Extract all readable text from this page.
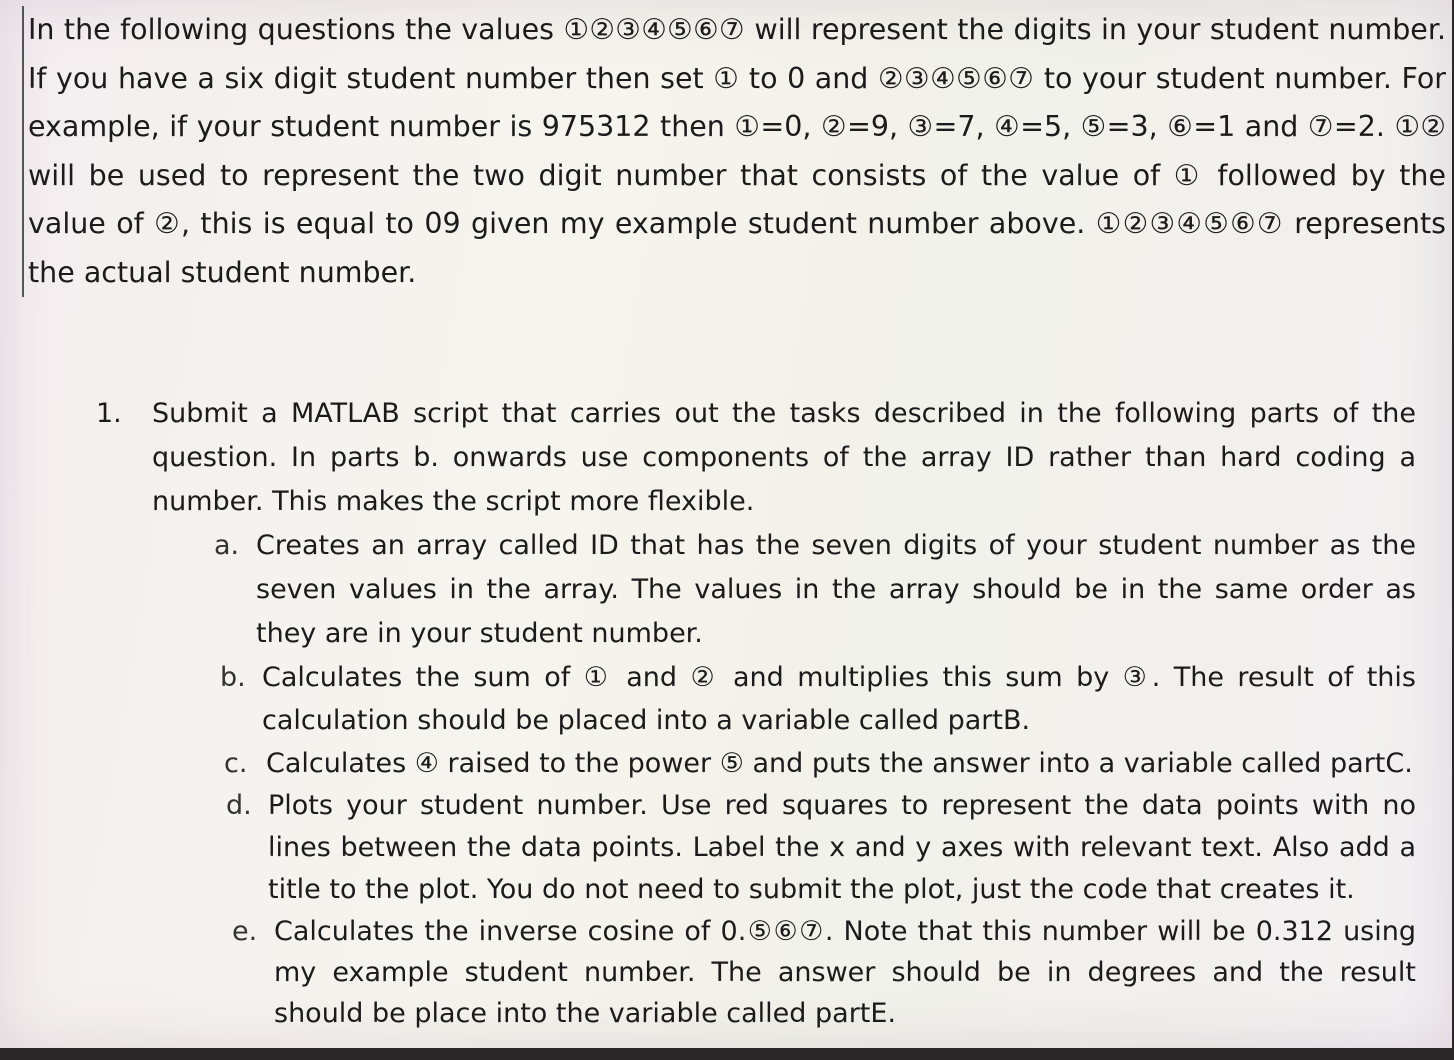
In the following questions the values ①②③④⑤⑥⑦ will represent the digits in your student number. If you have a six digit student number then set ① to 0 and ②③④⑤⑥⑦ to your student number. For example, if your student number is 975312 then ①=0, ②=9, ③=7, ④=5, ⑤=3, ⑥=1 and ⑦=2. ①② will be used to represent the two digit number that consists of the value of ① followed by the value of ②, this is equal to 09 given my example student number above. ①②③④⑤⑥⑦ represents the actual student number.
1.	Submit a MATLAB script that carries out the tasks described in the following parts of the question. In parts b. onwards use components of the array ID rather than hard coding a number. This makes the script more flexible.
a. Creates an array called ID that has the seven digits of your student number as the seven values in the array. The values in the array should be in the same order as they are in your student number.
b. Calculates the sum of ① and ② and multiplies this sum by ③. The result of this calculation should be placed into a variable called partB.
c. Calculates ④ raised to the power ⑤ and puts the answer into a variable called partC.
d. Plots your student number. Use red squares to represent the data points with no lines between the data points. Label the x and y axes with relevant text. Also add a title to the plot. You do not need to submit the plot, just the code that creates it.
e. Calculates the inverse cosine of 0.⑤⑥⑦. Note that this number will be 0.312 using my example student number. The answer should be in degrees and the result should be place into the variable called partE.
